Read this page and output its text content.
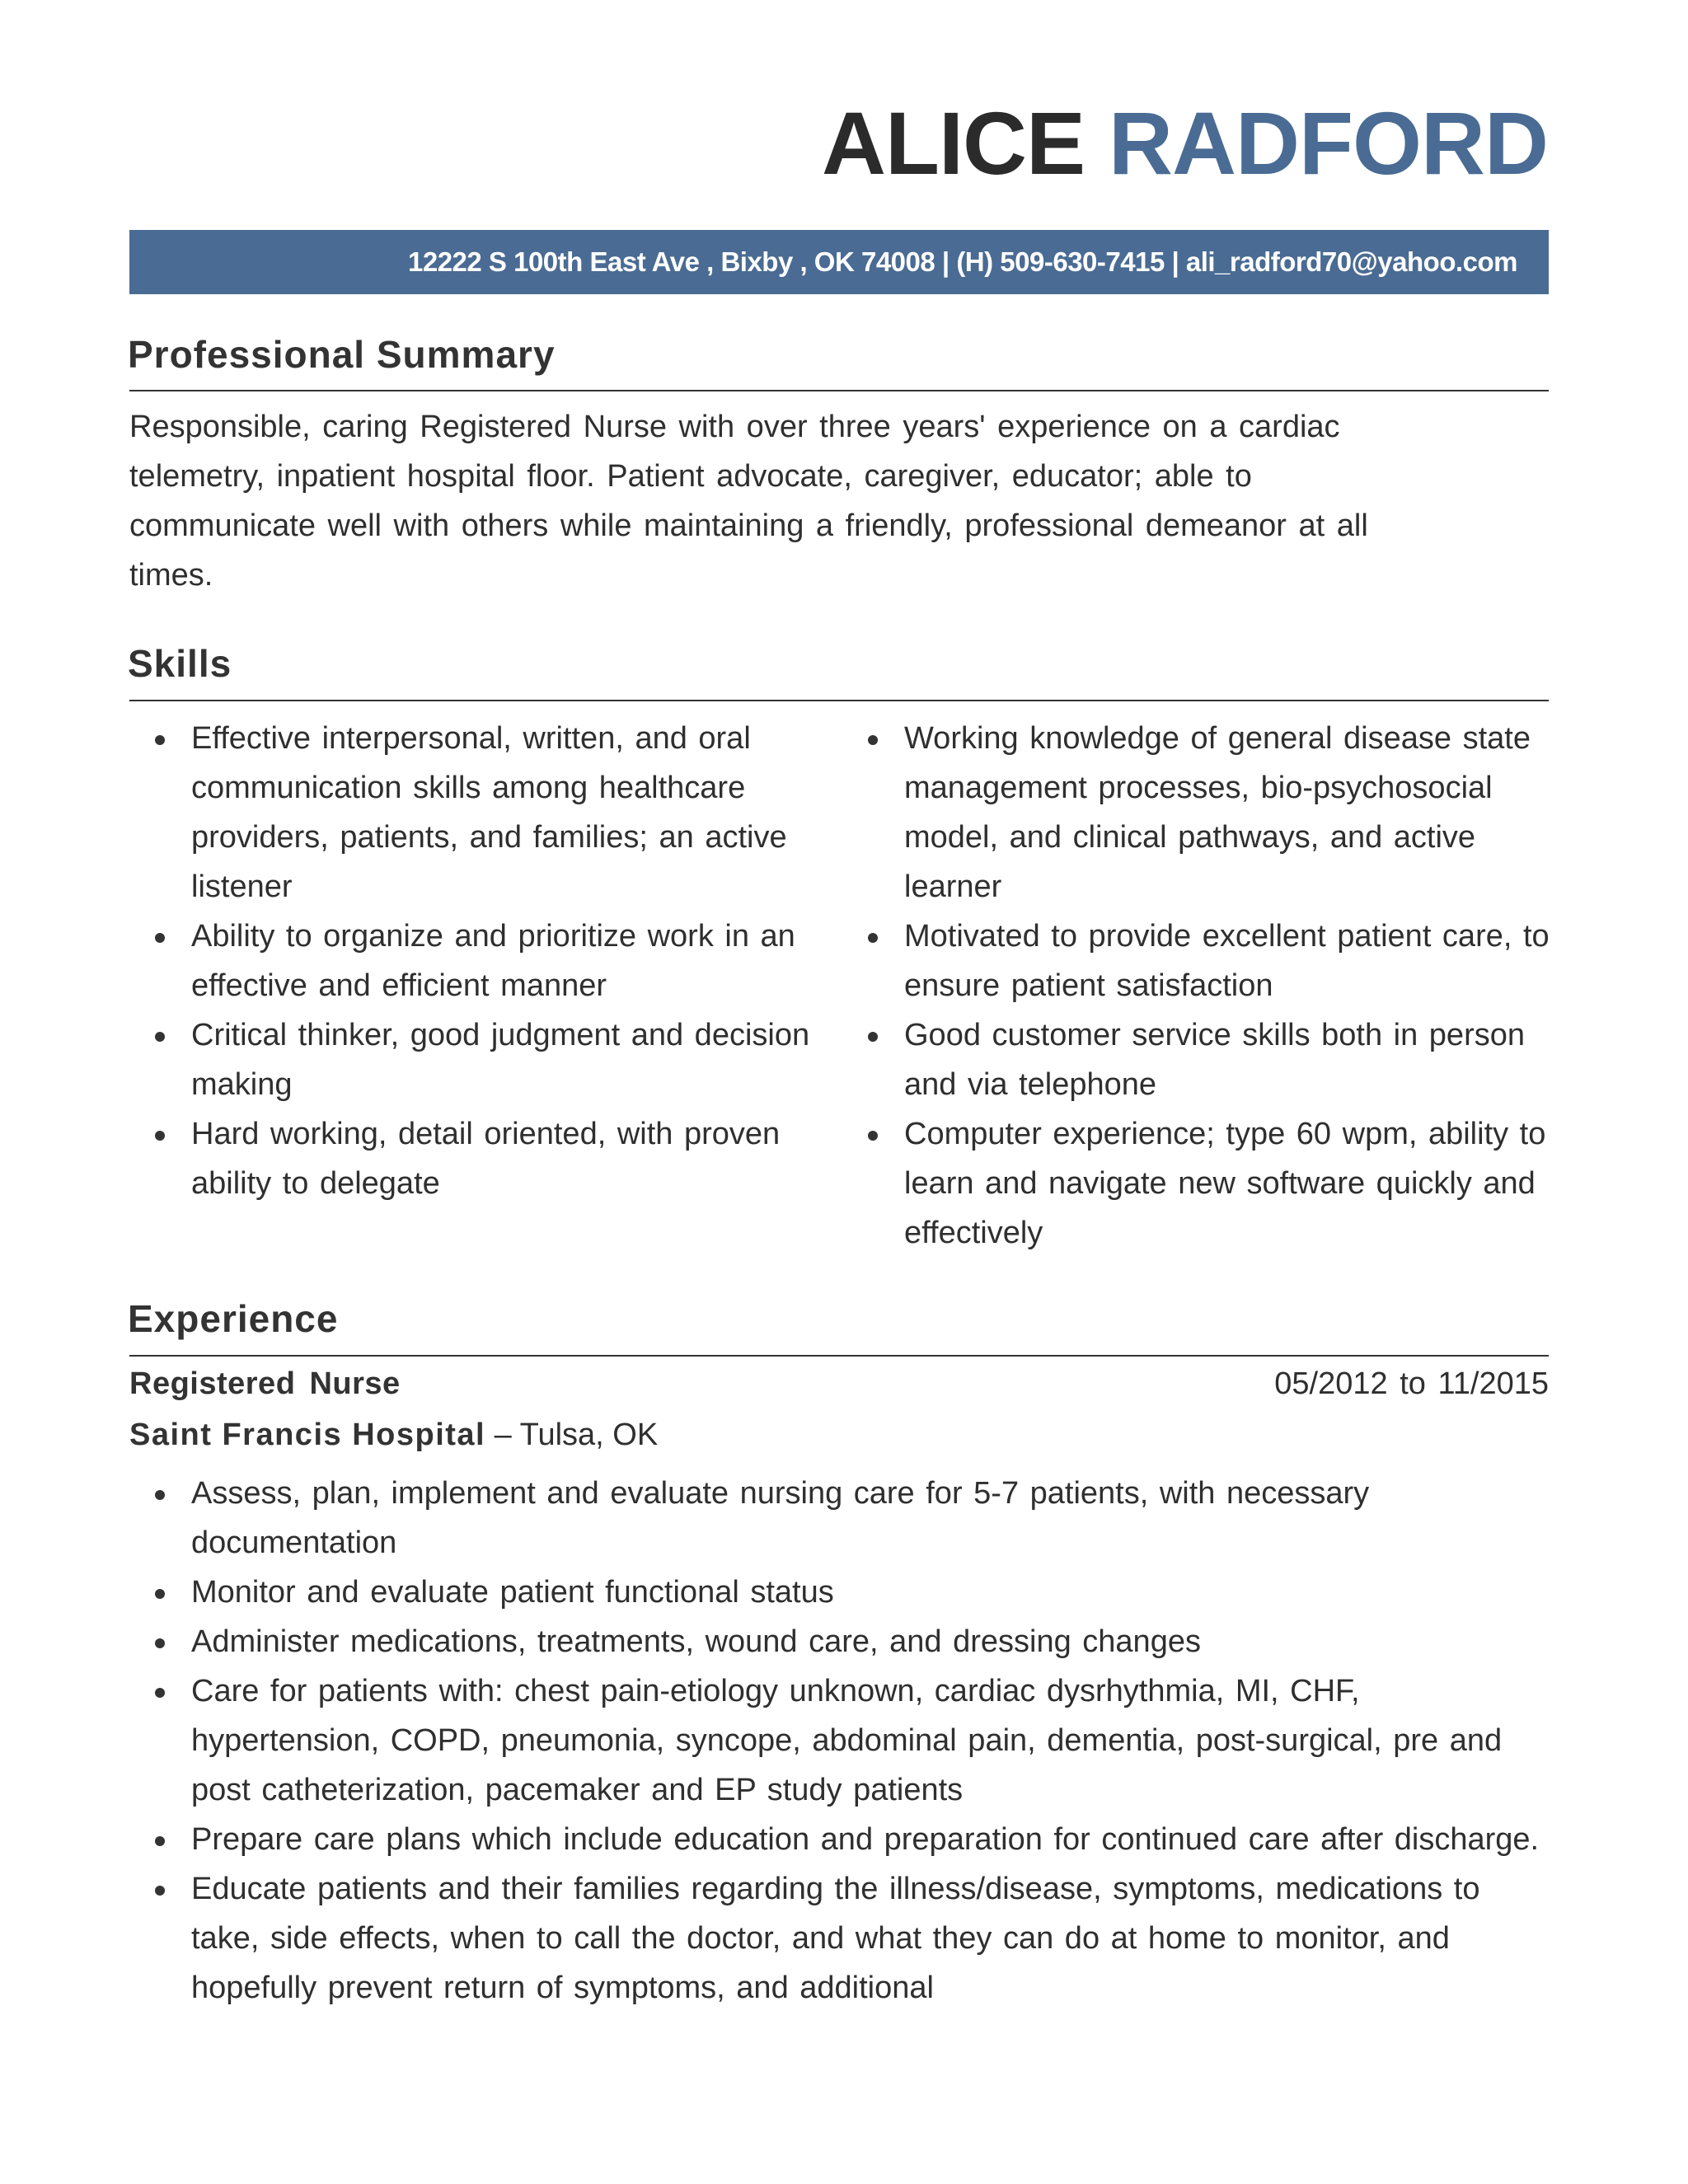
ALICE RADFORD
12222 S 100th East Ave , Bixby , OK 74008 | (H) 509-630-7415 | ali_radford70@yahoo.com
Professional Summary
Responsible, caring Registered Nurse with over three years' experience on a cardiac telemetry, inpatient hospital floor. Patient advocate, caregiver, educator; able to communicate well with others while maintaining a friendly, professional demeanor at all times.
Skills
Effective interpersonal, written, and oral communication skills among healthcare providers, patients, and families; an active listener
Ability to organize and prioritize work in an effective and efficient manner
Critical thinker, good judgment and decision making
Hard working, detail oriented, with proven ability to delegate
Working knowledge of general disease state management processes, bio-psychosocial model, and clinical pathways, and active learner
Motivated to provide excellent patient care, to ensure patient satisfaction
Good customer service skills both in person and via telephone
Computer experience; type 60 wpm, ability to learn and navigate new software quickly and effectively
Experience
Registered Nurse	05/2012 to 11/2015
Saint Francis Hospital – Tulsa, OK
Assess, plan, implement and evaluate nursing care for 5-7 patients, with necessary documentation
Monitor and evaluate patient functional status
Administer medications, treatments, wound care, and dressing changes
Care for patients with: chest pain-etiology unknown, cardiac dysrhythmia, MI, CHF, hypertension, COPD, pneumonia, syncope, abdominal pain, dementia, post-surgical, pre and post catheterization, pacemaker and EP study patients
Prepare care plans which include education and preparation for continued care after discharge.
Educate patients and their families regarding the illness/disease, symptoms, medications to take, side effects, when to call the doctor, and what they can do at home to monitor, and hopefully prevent return of symptoms, and additional
